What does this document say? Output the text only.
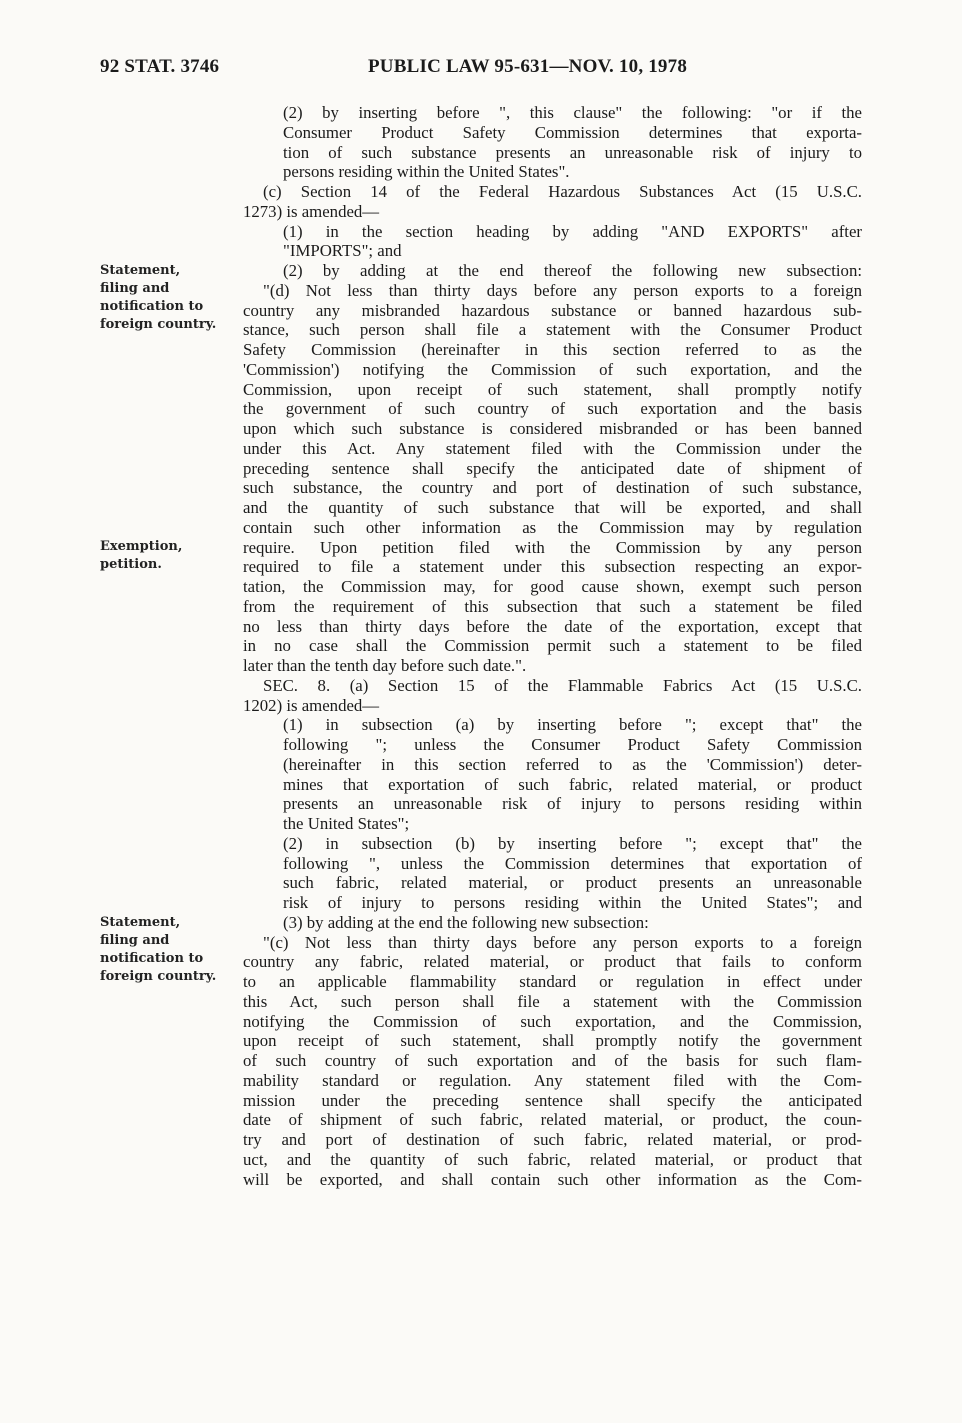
92 STAT. 3746	PUBLIC LAW 95-631—NOV. 10, 1978
Statement,
filing and
notification to
foreign country.
Exemption,
petition.
Statement,
filing and
notification to
foreign country.
(2) by inserting before ", this clause" the following: "or if the
Consumer Product Safety Commission determines that exporta-
tion of such substance presents an unreasonable risk of injury to
persons residing within the United States".
(c) Section 14 of the Federal Hazardous Substances Act (15 U.S.C.
1273) is amended—
(1) in the section heading by adding "AND EXPORTS" after
"IMPORTS"; and
(2) by adding at the end thereof the following new subsection:
"(d) Not less than thirty days before any person exports to a foreign
country any misbranded hazardous substance or banned hazardous sub-
stance, such person shall file a statement with the Consumer Product
Safety Commission (hereinafter in this section referred to as the
'Commission') notifying the Commission of such exportation, and the
Commission, upon receipt of such statement, shall promptly notify
the government of such country of such exportation and the basis
upon which such substance is considered misbranded or has been banned
under this Act. Any statement filed with the Commission under the
preceding sentence shall specify the anticipated date of shipment of
such substance, the country and port of destination of such substance,
and the quantity of such substance that will be exported, and shall
contain such other information as the Commission may by regulation
require. Upon petition filed with the Commission by any person
required to file a statement under this subsection respecting an expor-
tation, the Commission may, for good cause shown, exempt such person
from the requirement of this subsection that such a statement be filed
no less than thirty days before the date of the exportation, except that
in no case shall the Commission permit such a statement to be filed
later than the tenth day before such date.".
SEC. 8. (a) Section 15 of the Flammable Fabrics Act (15 U.S.C.
1202) is amended—
(1) in subsection (a) by inserting before "; except that" the
following "; unless the Consumer Product Safety Commission
(hereinafter in this section referred to as the 'Commission') deter-
mines that exportation of such fabric, related material, or product
presents an unreasonable risk of injury to persons residing within
the United States";
(2) in subsection (b) by inserting before "; except that" the
following ", unless the Commission determines that exportation of
such fabric, related material, or product presents an unreasonable
risk of injury to persons residing within the United States"; and
(3) by adding at the end the following new subsection:
"(c) Not less than thirty days before any person exports to a foreign
country any fabric, related material, or product that fails to conform
to an applicable flammability standard or regulation in effect under
this Act, such person shall file a statement with the Commission
notifying the Commission of such exportation, and the Commission,
upon receipt of such statement, shall promptly notify the government
of such country of such exportation and of the basis for such flam-
mability standard or regulation. Any statement filed with the Com-
mission under the preceding sentence shall specify the anticipated
date of shipment of such fabric, related material, or product, the coun-
try and port of destination of such fabric, related material, or prod-
uct, and the quantity of such fabric, related material, or product that
will be exported, and shall contain such other information as the Com-
